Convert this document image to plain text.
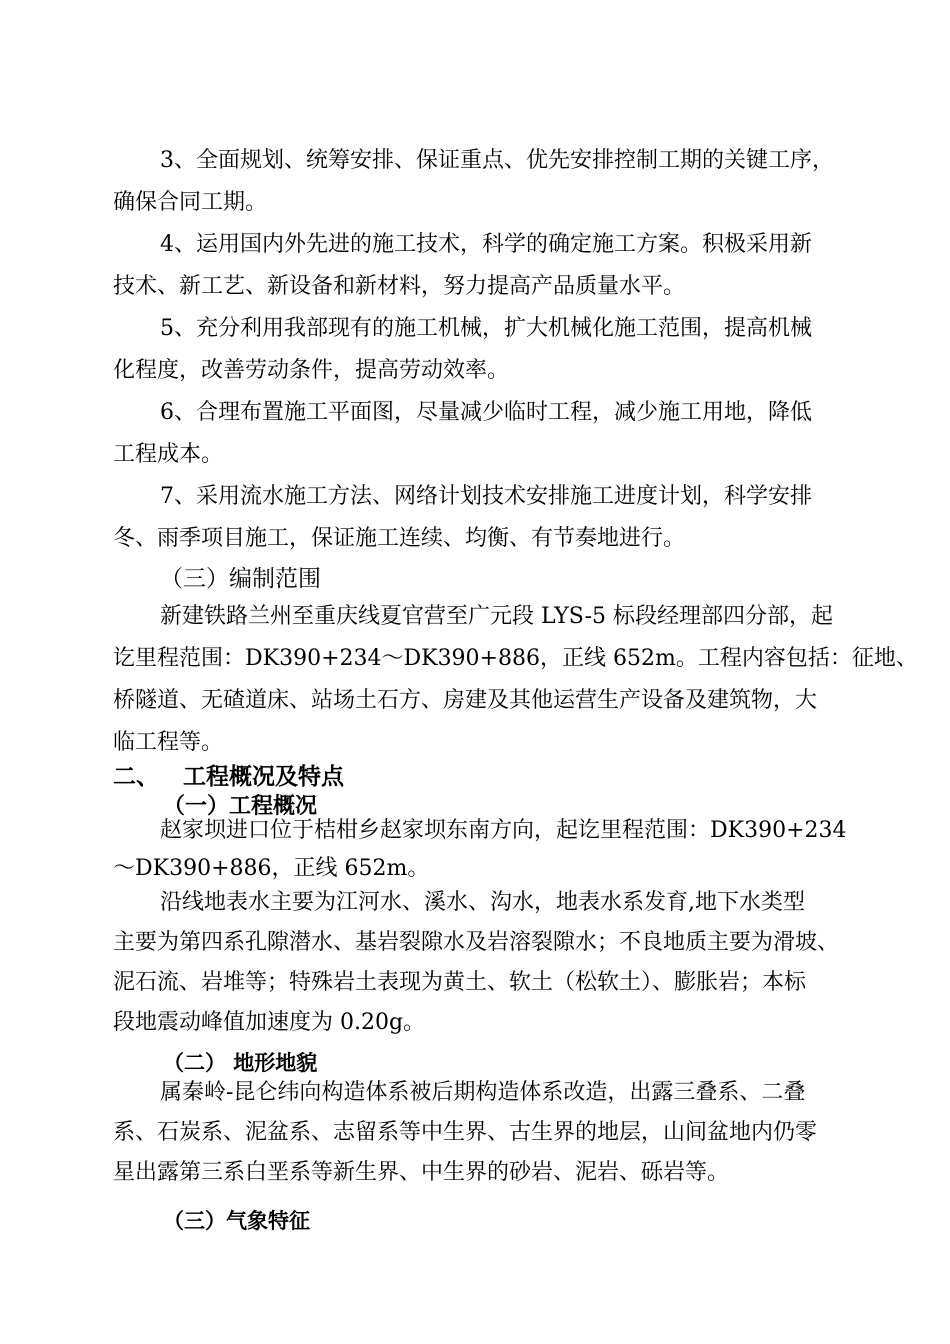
3、全面规划、统筹安排、保证重点、优先安排控制工期的关键工序，
确保合同工期。
4、运用国内外先进的施工技术，科学的确定施工方案。积极采用新
技术、新工艺、新设备和新材料，努力提高产品质量水平。
5、充分利用我部现有的施工机械，扩大机械化施工范围，提高机械
化程度，改善劳动条件，提高劳动效率。
6、合理布置施工平面图，尽量减少临时工程，减少施工用地，降低
工程成本。
7、采用流水施工方法、网络计划技术安排施工进度计划，科学安排
冬、雨季项目施工，保证施工连续、均衡、有节奏地进行。
（三）编制范围
新建铁路兰州至重庆线夏官营至广元段 LYS-5 标段经理部四分部，起
讫里程范围：DK390+234～DK390+886，正线 652m。工程内容包括：征地、
桥隧道、无碴道床、站场土石方、房建及其他运营生产设备及建筑物，大
临工程等。
二、 工程概况及特点
（一）工程概况
赵家坝进口位于桔柑乡赵家坝东南方向，起讫里程范围：DK390+234
～DK390+886，正线 652m。
沿线地表水主要为江河水、溪水、沟水，地表水系发育,地下水类型
主要为第四系孔隙潜水、基岩裂隙水及岩溶裂隙水；不良地质主要为滑坡、
泥石流、岩堆等；特殊岩土表现为黄土、软土（松软土）、膨胀岩；本标
段地震动峰值加速度为 0.20g。
（二） 地形地貌
属秦岭-昆仑纬向构造体系被后期构造体系改造，出露三叠系、二叠
系、石炭系、泥盆系、志留系等中生界、古生界的地层，山间盆地内仍零
星出露第三系白垩系等新生界、中生界的砂岩、泥岩、砾岩等。
（三）气象特征
